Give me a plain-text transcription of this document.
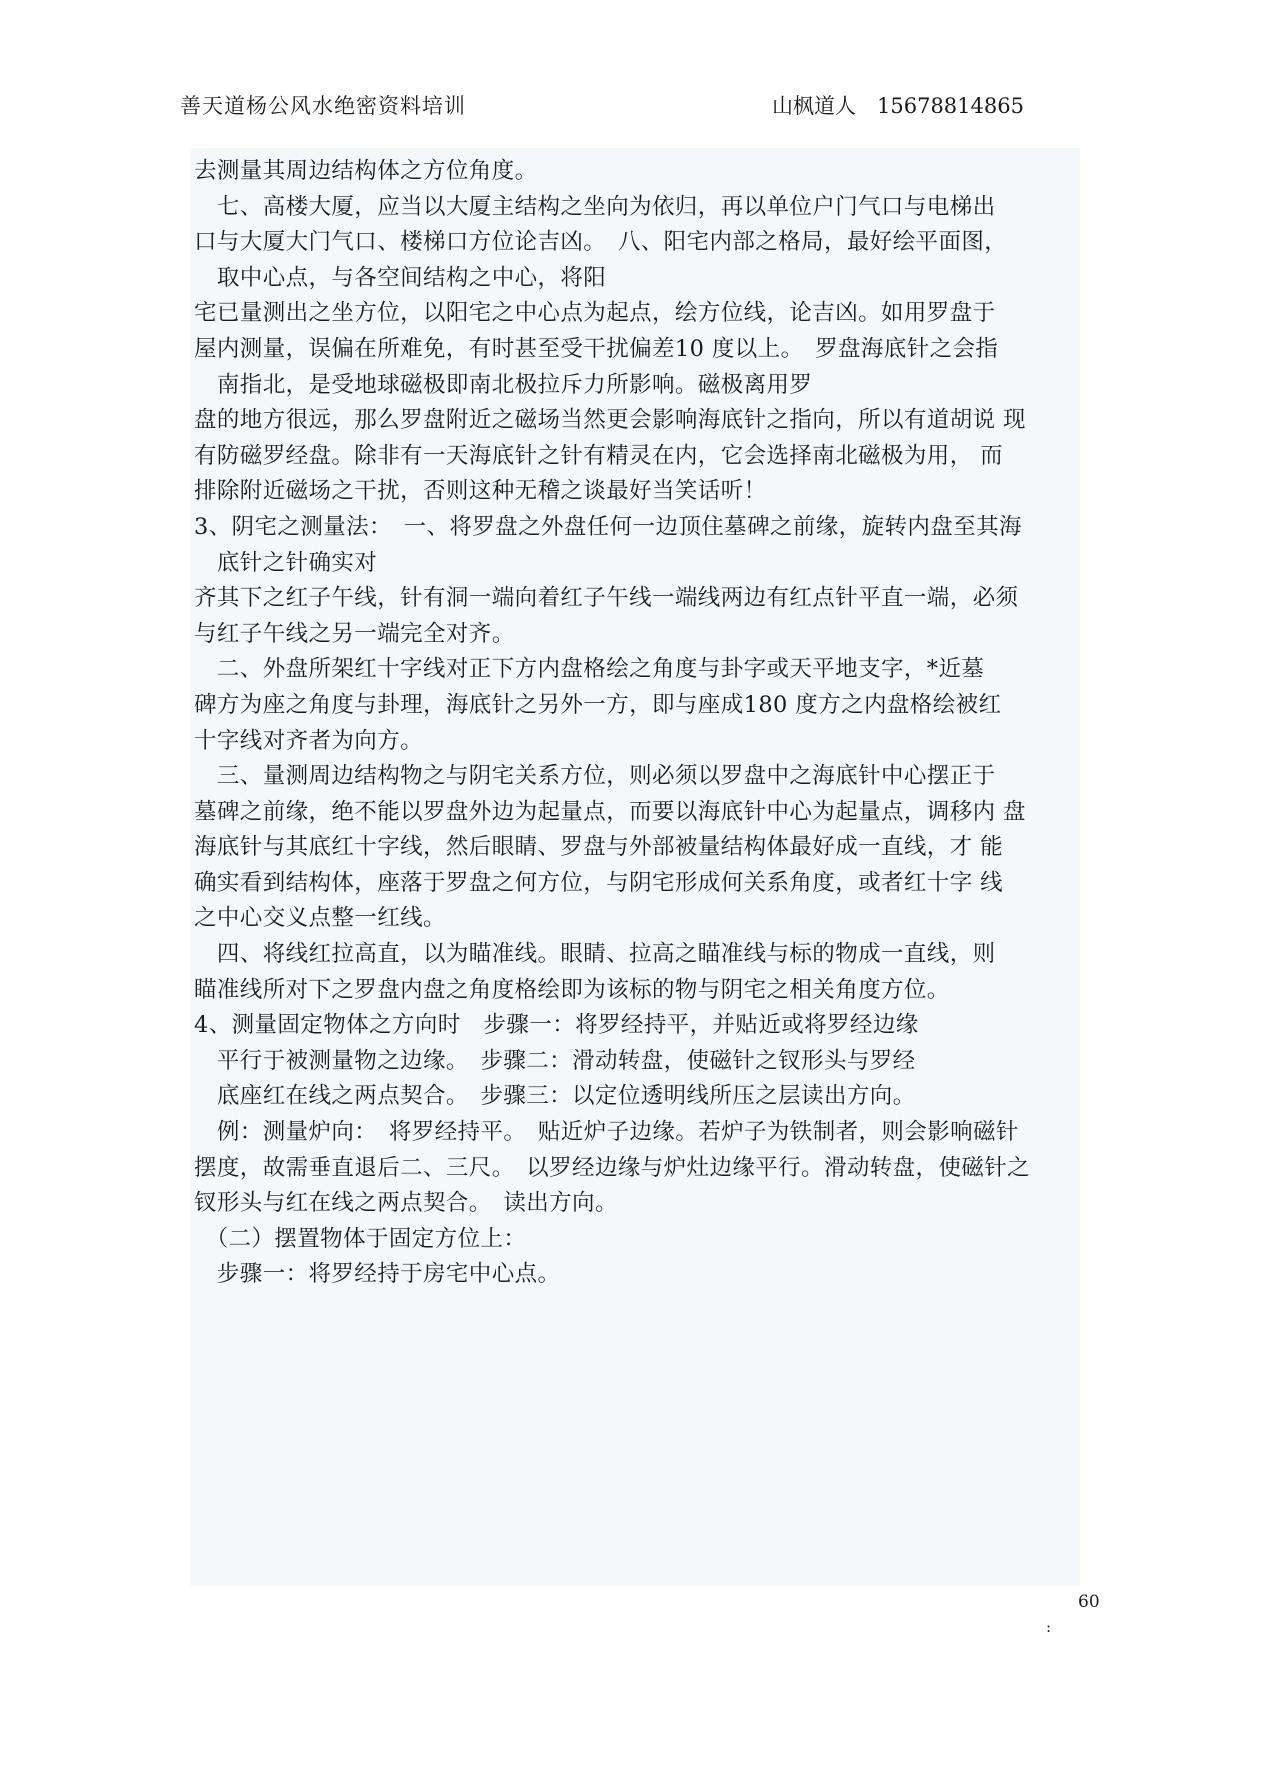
善天道杨公风水绝密资料培训	山枫道人　15678814865
去测量其周边结构体之方位角度。
　七、高楼大厦，应当以大厦主结构之坐向为依归，再以单位户门气口与电梯出
口与大厦大门气口、楼梯口方位论吉凶。　八、阳宅内部之格局，最好绘平面图，
　取中心点，与各空间结构之中心，将阳
宅已量测出之坐方位，以阳宅之中心点为起点，绘方位线，论吉凶。如用罗盘于
屋内测量，误偏在所难免，有时甚至受干扰偏差10 度以上。　罗盘海底针之会指
　南指北，是受地球磁极即南北极拉斥力所影响。磁极离用罗
盘的地方很远，那么罗盘附近之磁场当然更会影响海底针之指向，所以有道胡说 现
有防磁罗经盘。除非有一天海底针之针有精灵在内，它会选择南北磁极为用， 而
排除附近磁场之干扰，否则这种无稽之谈最好当笑话听！
3、阴宅之测量法：　一、将罗盘之外盘任何一边顶住墓碑之前缘，旋转内盘至其海
　底针之针确实对
齐其下之红子午线，针有洞一端向着红子午线一端线两边有红点针平直一端，必须
与红子午线之另一端完全对齐。
　二、外盘所架红十字线对正下方内盘格绘之角度与卦字或天平地支字，*近墓
碑方为座之角度与卦理，海底针之另外一方，即与座成180 度方之内盘格绘被红
十字线对齐者为向方。
　三、量测周边结构物之与阴宅关系方位，则必须以罗盘中之海底针中心摆正于
墓碑之前缘，绝不能以罗盘外边为起量点，而要以海底针中心为起量点，调移内 盘
海底针与其底红十字线，然后眼睛、罗盘与外部被量结构体最好成一直线，才 能
确实看到结构体，座落于罗盘之何方位，与阴宅形成何关系角度，或者红十字 线
之中心交义点整一红线。
　四、将线红拉高直，以为瞄准线。眼睛、拉高之瞄准线与标的物成一直线，则
瞄准线所对下之罗盘内盘之角度格绘即为该标的物与阴宅之相关角度方位。
4、测量固定物体之方向时　步骤一：将罗经持平，并贴近或将罗经边缘
　平行于被测量物之边缘。　步骤二：滑动转盘，使磁针之钗形头与罗经
　底座红在线之两点契合。　步骤三：以定位透明线所压之层读出方向。
　例：测量炉向：　将罗经持平。　贴近炉子边缘。若炉子为铁制者，则会影响磁针
摆度，故需垂直退后二、三尺。　以罗经边缘与炉灶边缘平行。滑动转盘，使磁针之
钗形头与红在线之两点契合。　读出方向。
　（二）摆置物体于固定方位上：
　步骤一：将罗经持于房宅中心点。
60
:
